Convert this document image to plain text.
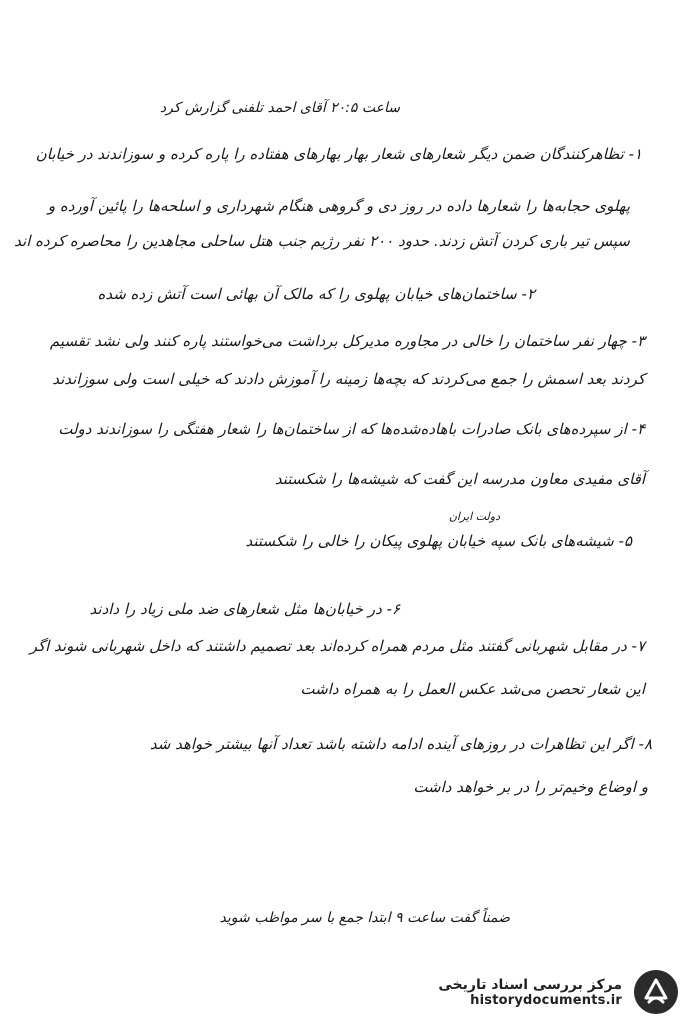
ساعت ۲۰:۵ آقای احمد تلفنی گزارش کرد
۱- تظاهرکنندگان ضمن دیگر شعارهای شعار بهار بهارهای هفتاده را پاره کرده و سوزاندند در خیابان
پهلوی حجابه‌ها را شعارها داده در روز دی و گروهی هنگام شهرداری و اسلحه‌ها را پائین آورده و
سپس تیر باری کردن آتش زدند. حدود ۲۰۰ نفر رژیم جنب هتل ساحلی مجاهدین را محاصره کرده اند
۲- ساختمان‌های خیابان پهلوی را که مالک آن بهائی است آتش زده شده
۳- چهار نفر ساختمان را خالی در مجاوره مدیرکل برداشت می‌خواستند پاره کنند ولی نشد تقسیم
کردند بعد اسمش را جمع می‌کردند که بچه‌ها زمینه را آموزش دادند که خیلی است ولی سوزاندند
۴- از سپرده‌های بانک صادرات باهاده‌شده‌ها که از ساختمان‌ها را شعار هفتگی را سوزاندند دولت
آقای مفیدی معاون مدرسه این گفت که شیشه‌ها را شکستند
دولت ایران
۵- شیشه‌های بانک سپه خیابان پهلوی پیکان را خالی را شکستند
۶- در خیابان‌ها مثل شعارهای ضد ملی زیاد را دادند
۷- در مقابل شهربانی گفتند مثل مردم همراه کرده‌اند بعد تصمیم داشتند که داخل شهربانی شوند اگر
این شعار تحصن می‌شد عکس العمل را به همراه داشت
۸- اگر این تظاهرات در روزهای آینده ادامه داشته باشد تعداد آنها بیشتر خواهد شد
و اوضاع وخیم‌تر را در بر خواهد داشت
ضمناً گفت ساعت ۹ ابتدا جمع با سر مواظب شوید
مرکز بررسی اسناد تاریخی
historydocuments.ir
